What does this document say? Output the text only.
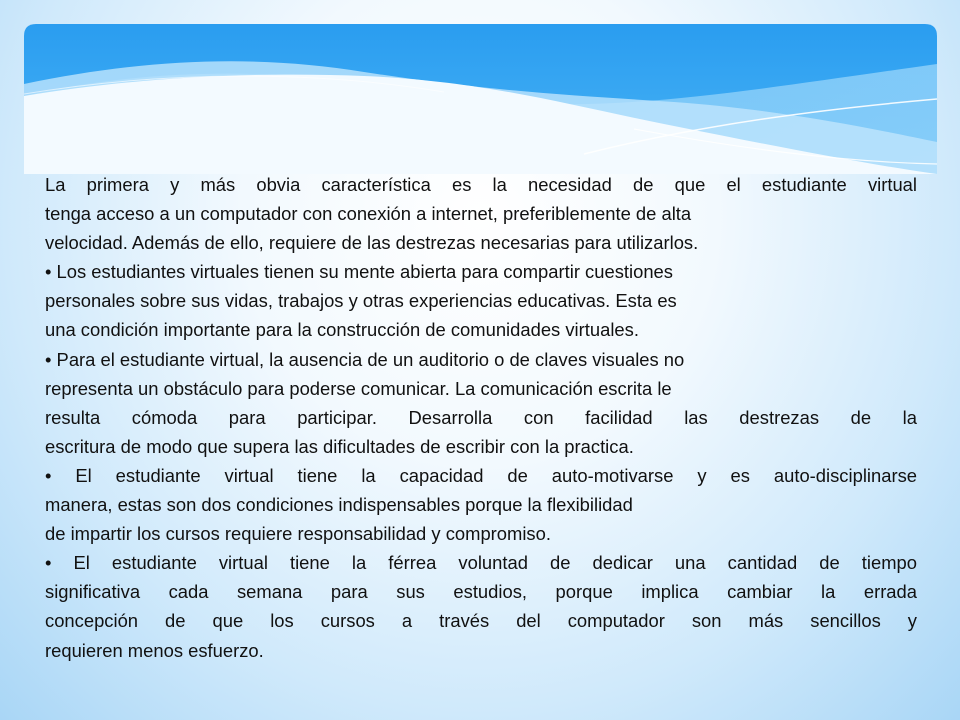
La primera y más obvia característica es la necesidad de que el estudiante virtual
tenga acceso a un computador con conexión a internet, preferiblemente de alta
velocidad. Además de ello, requiere de las destrezas necesarias para utilizarlos.
• Los estudiantes virtuales tienen su mente abierta para compartir cuestiones
personales sobre sus vidas, trabajos y otras experiencias educativas. Esta es
una condición importante para la construcción de comunidades virtuales.
• Para el estudiante virtual, la ausencia de un auditorio o de claves visuales no
representa un obstáculo para poderse comunicar. La comunicación escrita le
resulta cómoda para participar. Desarrolla con facilidad las destrezas de la
escritura de modo que supera las dificultades de escribir con la practica.
• El estudiante virtual tiene la capacidad de auto-motivarse y es auto-disciplinarse
manera, estas son dos condiciones indispensables porque la flexibilidad
de impartir los cursos requiere responsabilidad y compromiso.
• El estudiante virtual tiene la férrea voluntad de dedicar una cantidad de tiempo
significativa cada semana para sus estudios, porque implica cambiar la errada
concepción de que los cursos a través del computador son más sencillos y
requieren menos esfuerzo.
